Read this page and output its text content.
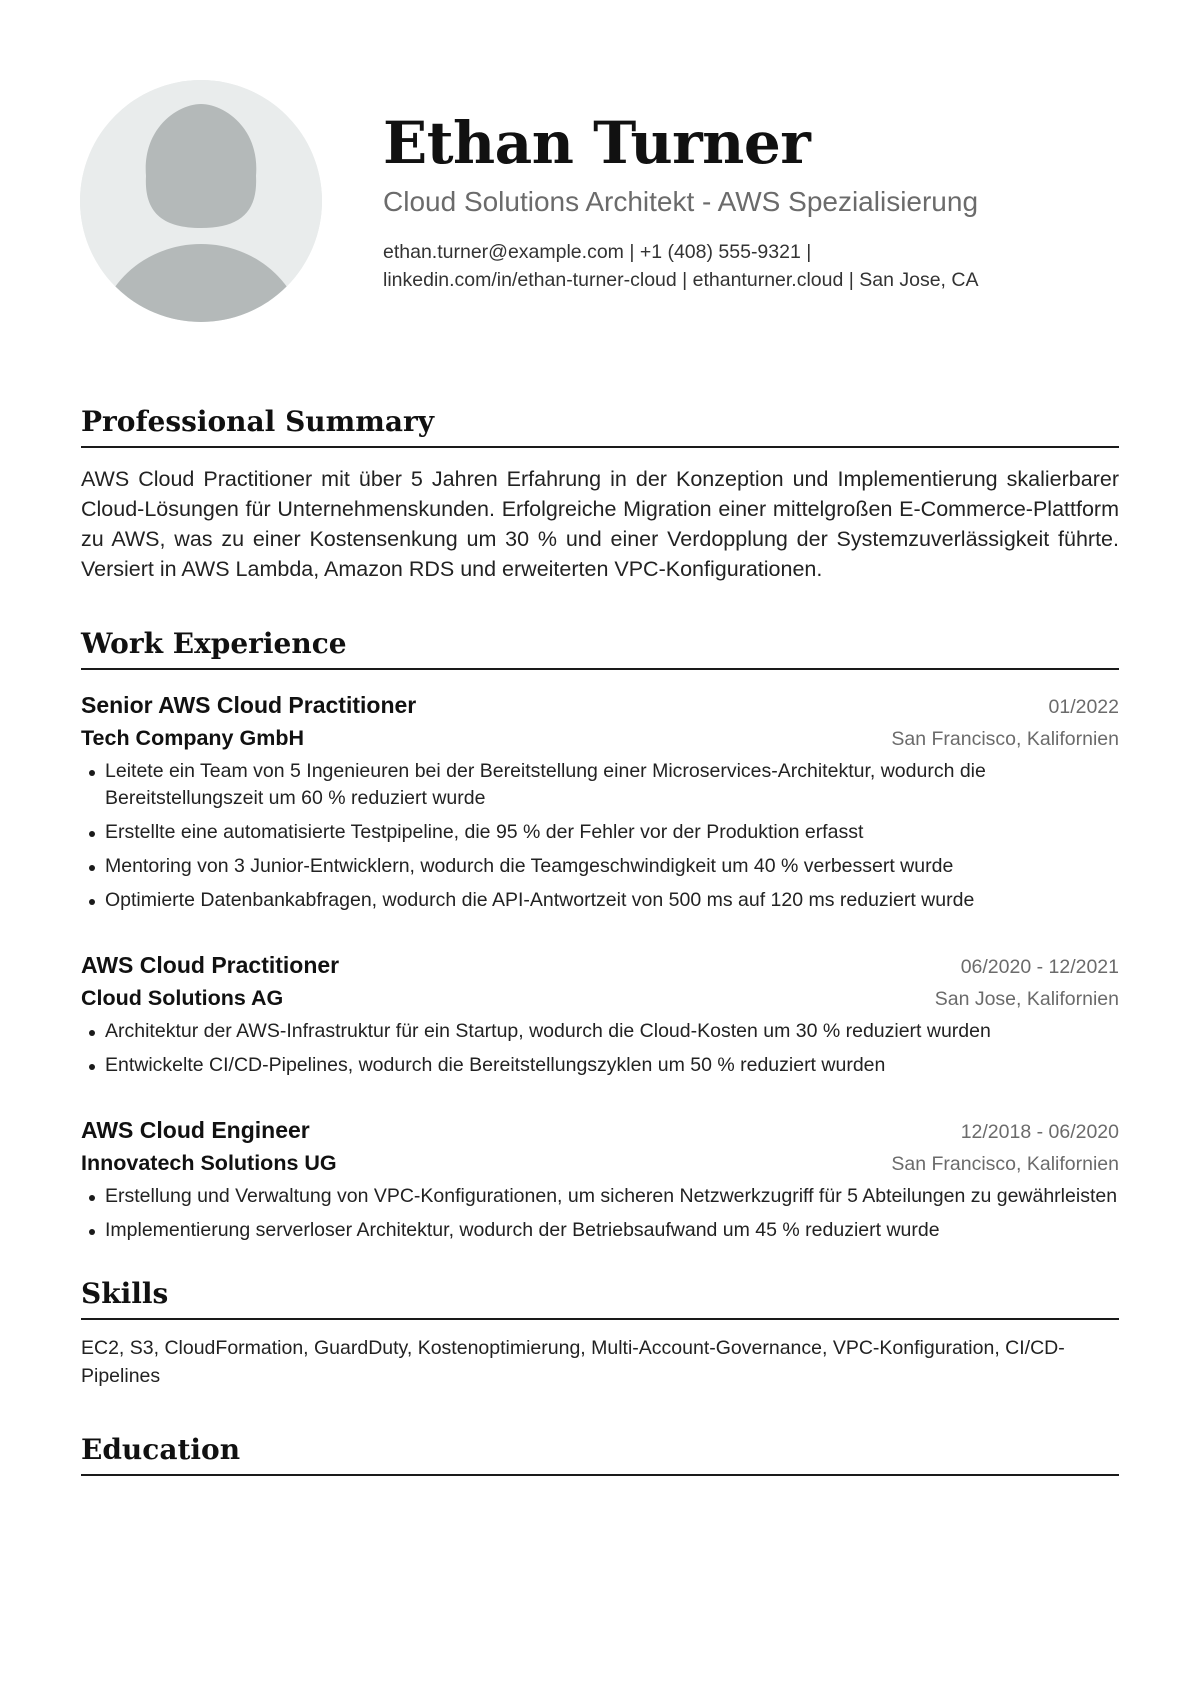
Ethan Turner
Cloud Solutions Architekt - AWS Spezialisierung
ethan.turner@example.com | +1 (408) 555-9321 |
linkedin.com/in/ethan-turner-cloud | ethanturner.cloud | San Jose, CA
Professional Summary

AWS Cloud Practitioner mit über 5 Jahren Erfahrung in der Konzeption und Implementierung skalierbarer Cloud-Lösungen für Unternehmenskunden. Erfolgreiche Migration einer mittelgroßen E-Commerce-Plattform zu AWS, was zu einer Kostensenkung um 30 % und einer Verdopplung der Systemzuverlässigkeit führte. Versiert in AWS Lambda, Amazon RDS und erweiterten VPC-Konfigurationen.

Work Experience
Senior AWS Cloud Practitioner	01/2022
Tech Company GmbH	San Francisco, Kalifornien
Leitete ein Team von 5 Ingenieuren bei der Bereitstellung einer Microservices-Architektur, wodurch die Bereitstellungszeit um 60 % reduziert wurde
Erstellte eine automatisierte Testpipeline, die 95 % der Fehler vor der Produktion erfasst
Mentoring von 3 Junior-Entwicklern, wodurch die Teamgeschwindigkeit um 40 % verbessert wurde
Optimierte Datenbankabfragen, wodurch die API-Antwortzeit von 500 ms auf 120 ms reduziert wurde
AWS Cloud Practitioner	06/2020 - 12/2021
Cloud Solutions AG	San Jose, Kalifornien
Architektur der AWS-Infrastruktur für ein Startup, wodurch die Cloud-Kosten um 30 % reduziert wurden
Entwickelte CI/CD-Pipelines, wodurch die Bereitstellungszyklen um 50 % reduziert wurden
AWS Cloud Engineer	12/2018 - 06/2020
Innovatech Solutions UG	San Francisco, Kalifornien
Erstellung und Verwaltung von VPC-Konfigurationen, um sicheren Netzwerkzugriff für 5 Abteilungen zu gewährleisten
Implementierung serverloser Architektur, wodurch der Betriebsaufwand um 45 % reduziert wurde
Skills
EC2, S3, CloudFormation, GuardDuty, Kostenoptimierung, Multi-Account-Governance, VPC-Konfiguration, CI/CD-Pipelines
Education
